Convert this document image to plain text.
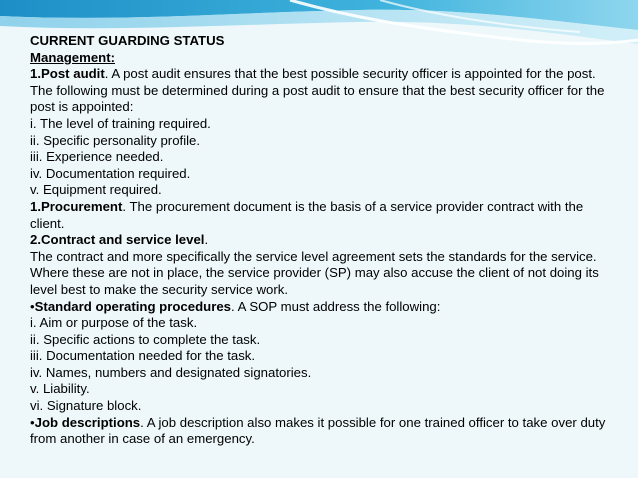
CURRENT GUARDING STATUS

Management:

1.Post audit. A post audit ensures that the best possible security officer is appointed for the post. The following must be determined during a post audit to ensure that the best security officer for the post is appointed:

i. The level of training required.

ii. Specific personality profile.

iii. Experience needed.

iv. Documentation required.

v. Equipment required.

1.Procurement. The procurement document is the basis of a service provider contract with the client.

2.Contract and service level.

The contract and more specifically the service level agreement sets the standards for the service. Where these are not in place, the service provider (SP) may also accuse the client of not doing its level best to make the security service work.

•Standard operating procedures. A SOP must address the following:

i. Aim or purpose of the task.

ii. Specific actions to complete the task.

iii. Documentation needed for the task.

iv. Names, numbers and designated signatories.

v. Liability.

vi. Signature block.

•Job descriptions. A job description also makes it possible for one trained officer to take over duty from another in case of an emergency.
